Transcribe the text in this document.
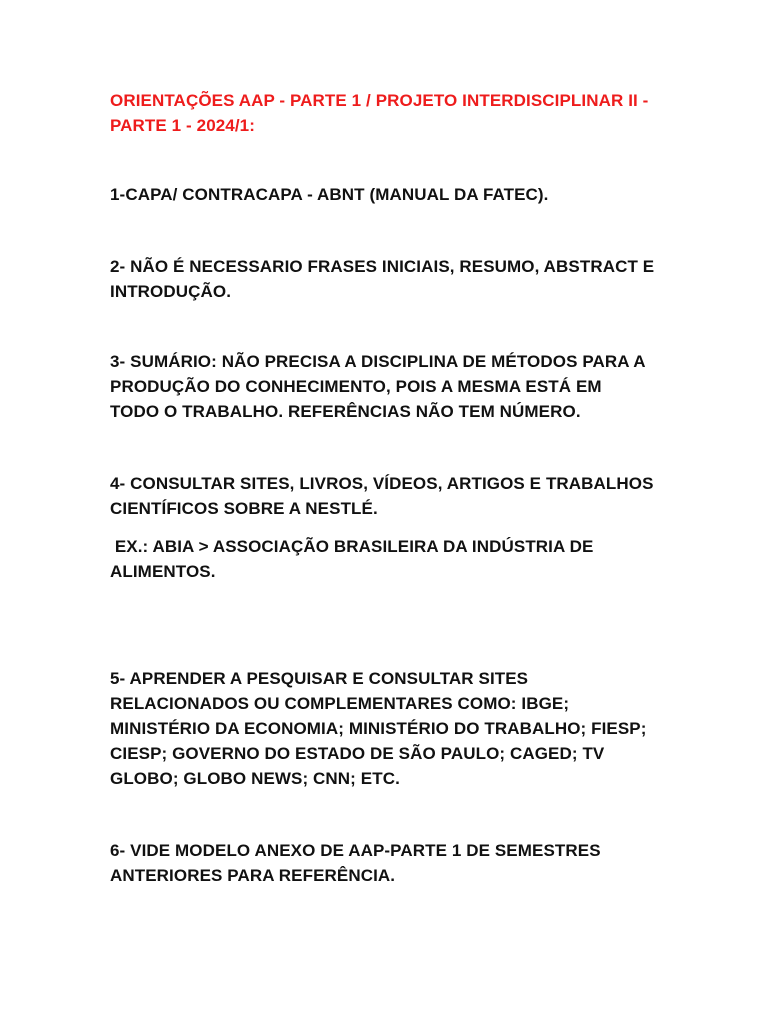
ORIENTAÇÕES AAP - PARTE 1 / PROJETO INTERDISCIPLINAR II -
PARTE 1 - 2024/1:

1-CAPA/ CONTRACAPA - ABNT (MANUAL DA FATEC).

2- NÃO É NECESSARIO FRASES INICIAIS, RESUMO, ABSTRACT E
INTRODUÇÃO.

3- SUMÁRIO: NÃO PRECISA A DISCIPLINA DE MÉTODOS PARA A
PRODUÇÃO DO CONHECIMENTO, POIS A MESMA ESTÁ EM
TODO O TRABALHO. REFERÊNCIAS NÃO TEM NÚMERO.

4- CONSULTAR SITES, LIVROS, VÍDEOS, ARTIGOS E TRABALHOS
CIENTÍFICOS SOBRE A NESTLÉ.

EX.: ABIA > ASSOCIAÇÃO BRASILEIRA DA INDÚSTRIA DE
ALIMENTOS.

5- APRENDER A PESQUISAR E CONSULTAR SITES
RELACIONADOS OU COMPLEMENTARES COMO: IBGE;
MINISTÉRIO DA ECONOMIA; MINISTÉRIO DO TRABALHO; FIESP;
CIESP; GOVERNO DO ESTADO DE SÃO PAULO; CAGED; TV
GLOBO; GLOBO NEWS; CNN; ETC.

6- VIDE MODELO ANEXO DE AAP-PARTE 1 DE SEMESTRES
ANTERIORES PARA REFERÊNCIA.
